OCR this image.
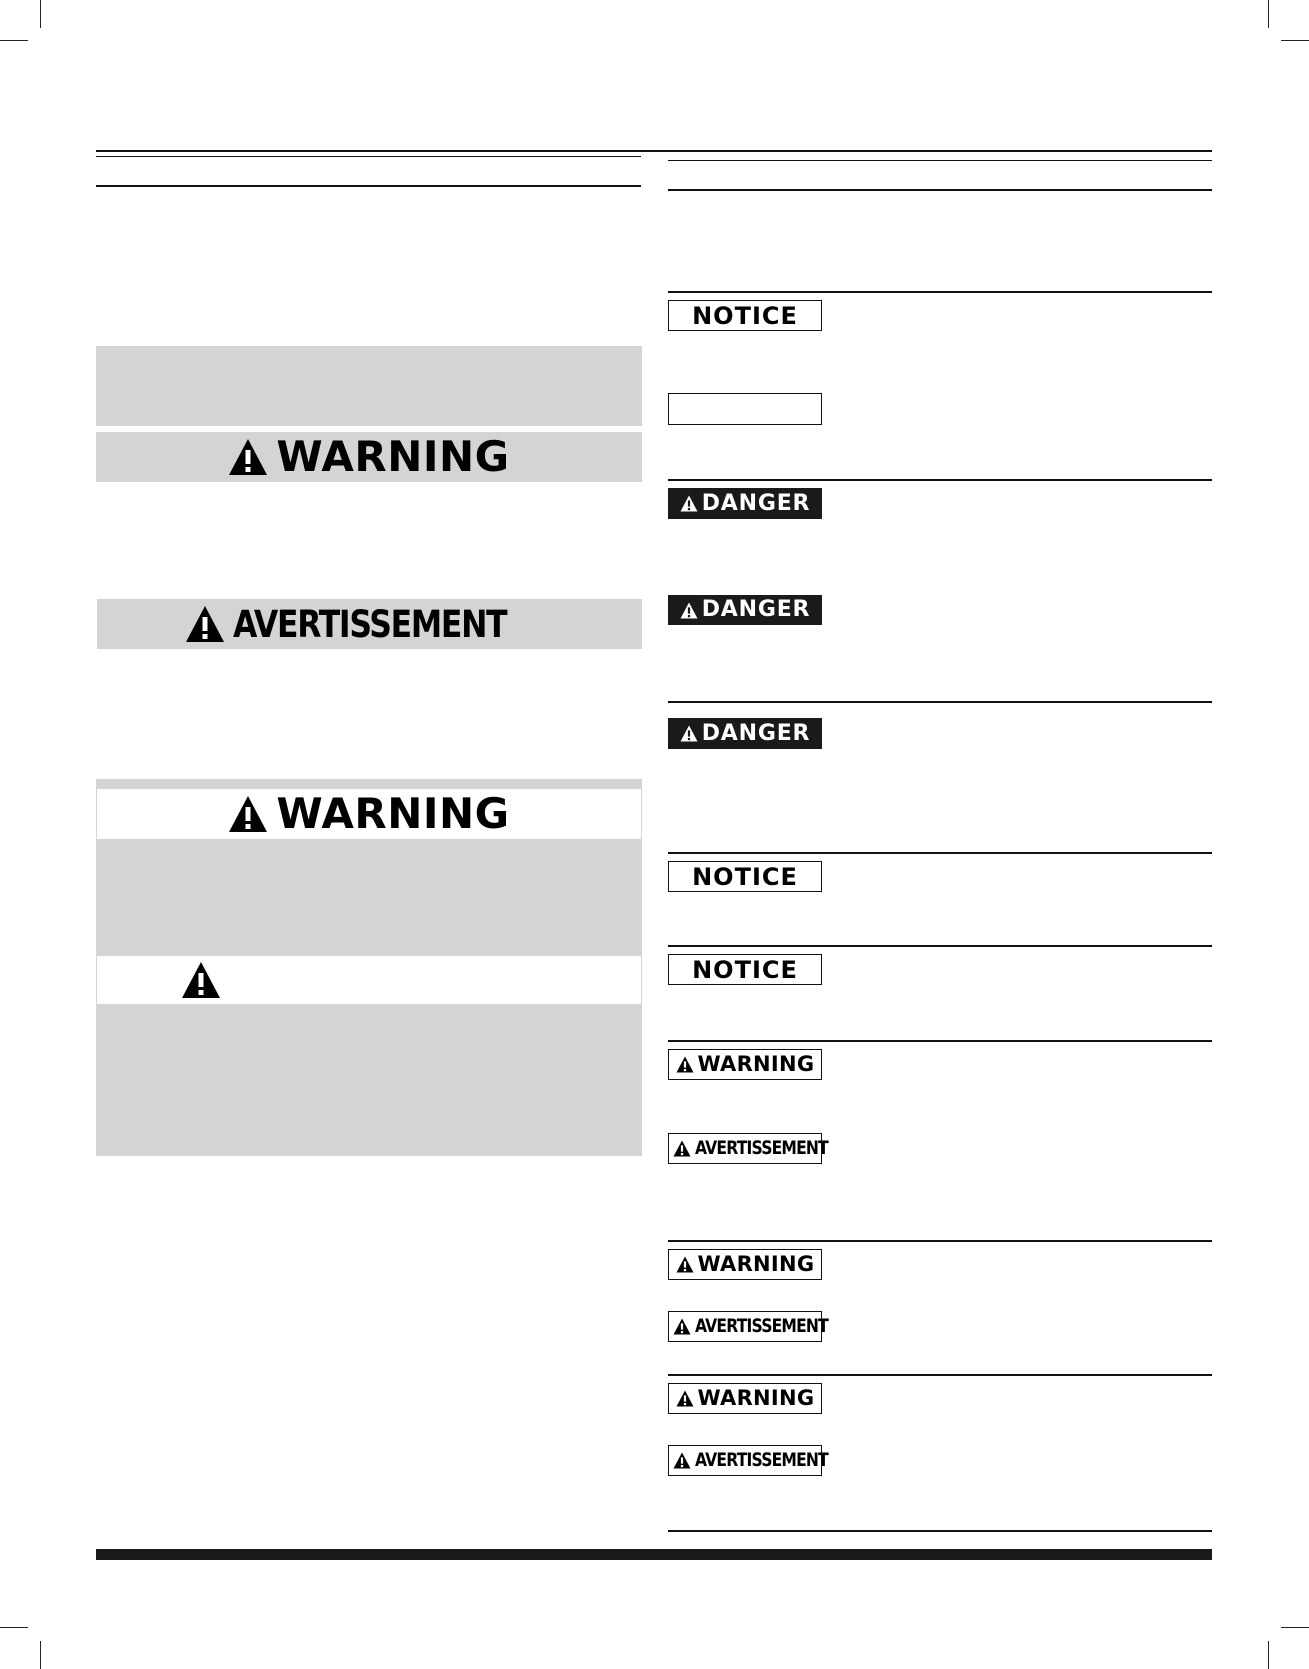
WARNING
AVERTISSEMENT
WARNING
NOTICE
DANGER
DANGER
DANGER
NOTICE
NOTICE
WARNING
AVERTISSEMENT
WARNING
AVERTISSEMENT
WARNING
AVERTISSEMENT
